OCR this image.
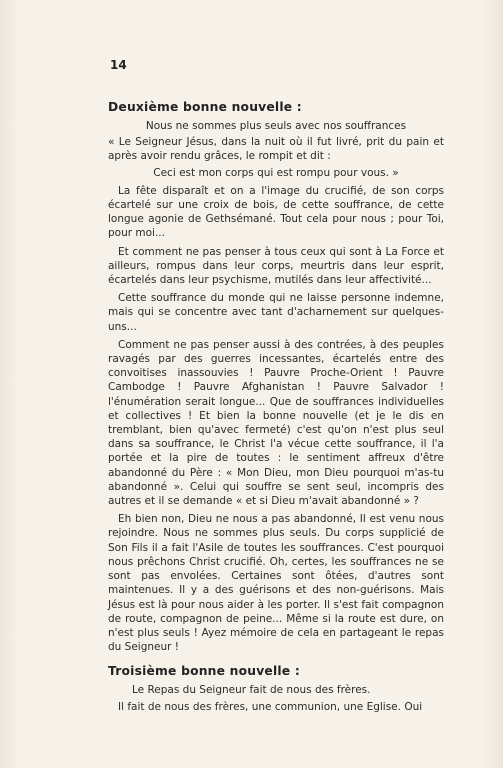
14
Deuxième bonne nouvelle :

Nous ne sommes plus seuls avec nos souffrances

« Le Seigneur Jésus, dans la nuit où il fut livré, prit du pain et après avoir rendu grâces, le rompit et dit :

Ceci est mon corps qui est rompu pour vous. »

La fête disparaît et on a l'image du crucifié, de son corps écartelé sur une croix de bois, de cette souffrance, de cette longue agonie de Gethsémané. Tout cela pour nous ; pour Toi, pour moi...

Et comment ne pas penser à tous ceux qui sont à La Force et ailleurs, rompus dans leur corps, meurtris dans leur esprit, écartelés dans leur psychisme, mutilés dans leur affectivité...

Cette souffrance du monde qui ne laisse personne indemne, mais qui se concentre avec tant d'acharnement sur quelques-uns...

Comment ne pas penser aussi à des contrées, à des peuples ravagés par des guerres incessantes, écartelés entre des convoitises inassouvies ! Pauvre Proche-Orient ! Pauvre Cambodge ! Pauvre Afghanistan ! Pauvre Salvador ! l'énumération serait longue... Que de souffrances individuelles et collectives ! Et bien la bonne nouvelle (et je le dis en tremblant, bien qu'avec fermeté) c'est qu'on n'est plus seul dans sa souffrance, le Christ l'a vécue cette souffrance, il l'a portée et la pire de toutes : le sentiment affreux d'être abandonné du Père : « Mon Dieu, mon Dieu pourquoi m'as-tu abandonné ». Celui qui souffre se sent seul, incompris des autres et il se demande « et si Dieu m'avait abandonné » ?

Eh bien non, Dieu ne nous a pas abandonné, Il est venu nous rejoindre. Nous ne sommes plus seuls. Du corps supplicié de Son Fils il a fait l'Asile de toutes les souffrances. C'est pourquoi nous prêchons Christ crucifié. Oh, certes, les souffrances ne se sont pas envolées. Certaines sont ôtées, d'autres sont maintenues. Il y a des guérisons et des non-guérisons. Mais Jésus est là pour nous aider à les porter. Il s'est fait compagnon de route, compagnon de peine... Même si la route est dure, on n'est plus seuls ! Ayez mémoire de cela en partageant le repas du Seigneur !

Troisième bonne nouvelle :

Le Repas du Seigneur fait de nous des frères.

Il fait de nous des frères, une communion, une Eglise. Oui
